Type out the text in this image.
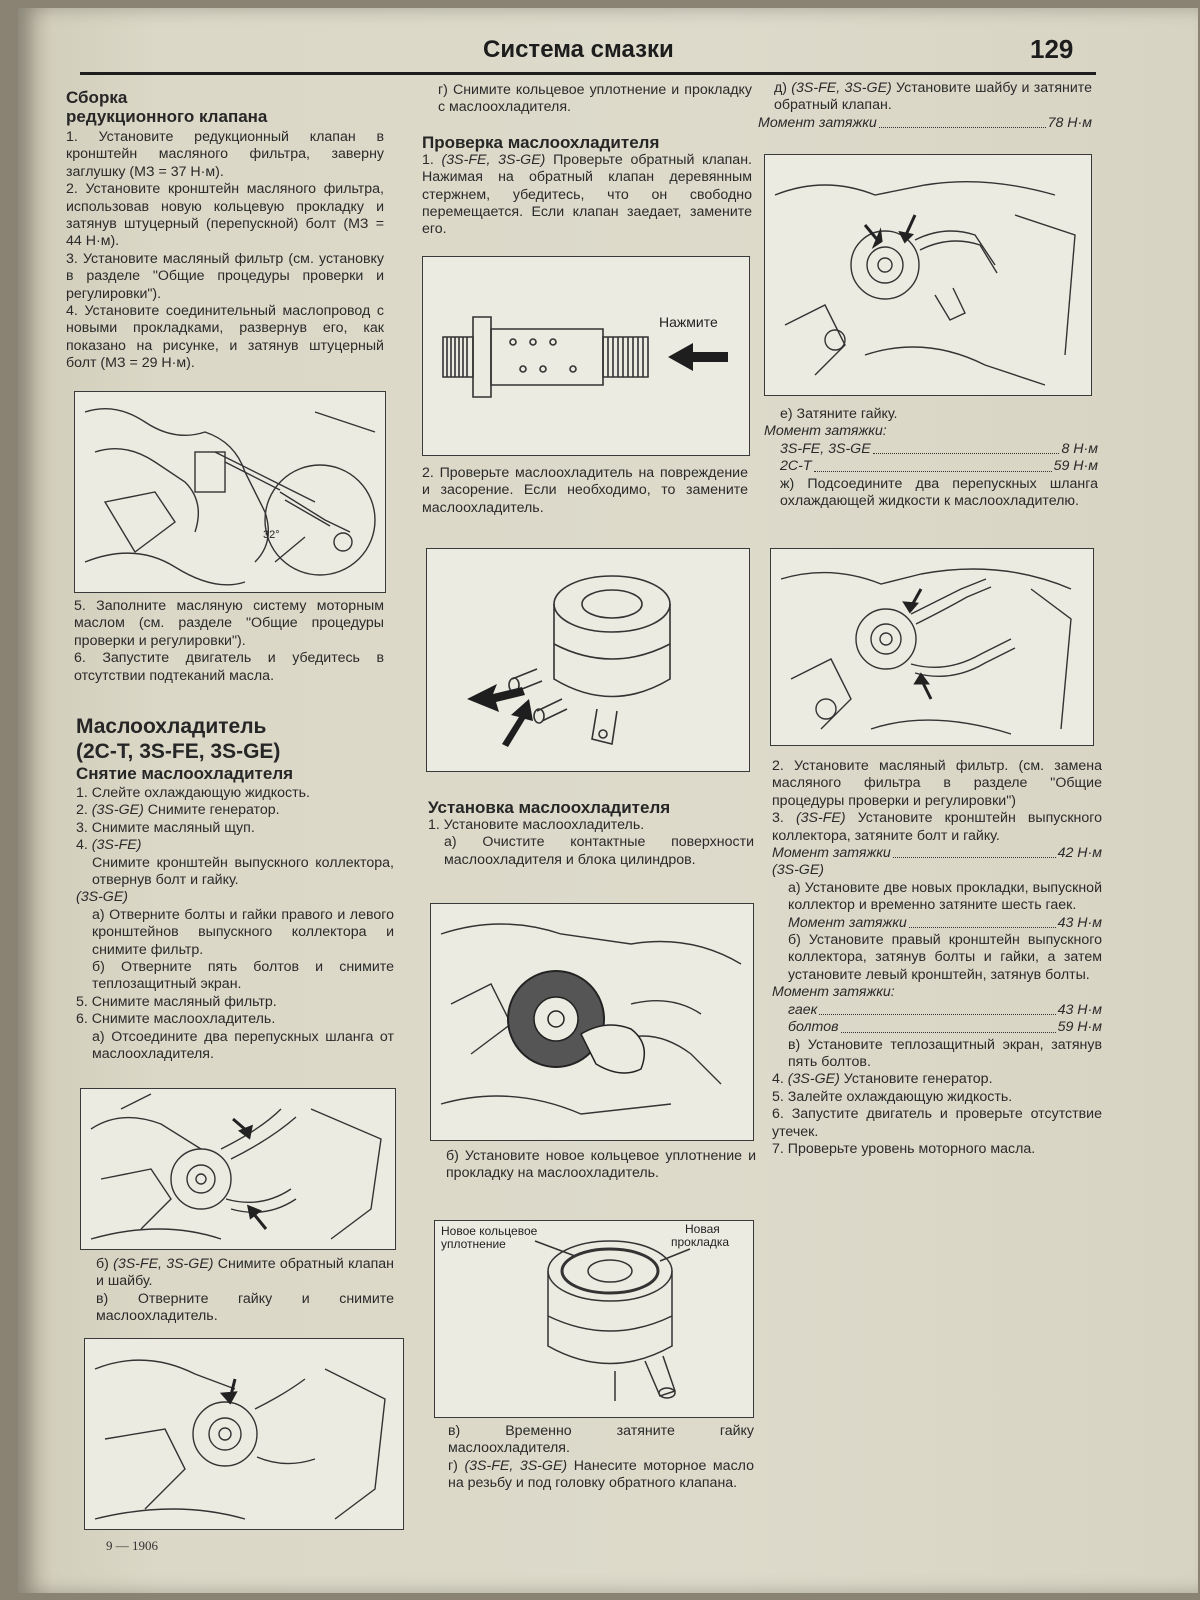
Система смазки	129

Сборка
редукционного клапана

1. Установите редукционный клапан в кронштейн масляного фильтра, заверну заглушку (МЗ = 37 Н·м).

2. Установите кронштейн масляного фильтра, использовав новую кольцевую прокладку и затянув штуцерный (перепускной) болт (МЗ = 44 Н·м).

3. Установите масляный фильтр (см. установку в разделе "Общие процедуры проверки и регулировки").

4. Установите соединительный маслопровод с новыми прокладками, развернув его, как показано на рисунке, и затянув штуцерный болт (МЗ = 29 Н·м).

32°

5. Заполните масляную систему моторным маслом (см. разделе "Общие процедуры проверки и регулировки").

6. Запустите двигатель и убедитесь в отсутствии подтеканий масла.

Маслоохладитель
(2С-Т, 3S-FE, 3S-GE)

Снятие маслоохладителя

1. Слейте охлаждающую жидкость.

2. (3S-GE) Снимите генератор.

3. Снимите масляный щуп.

4. (3S-FE)

Снимите кронштейн выпускного коллектора, отвернув болт и гайку.

(3S-GE)

а) Отверните болты и гайки правого и левого кронштейнов выпускного коллектора и снимите фильтр.

б) Отверните пять болтов и снимите теплозащитный экран.

5. Снимите масляный фильтр.

6. Снимите маслоохладитель.

а) Отсоедините два перепускных шланга от маслоохладителя.

б) (3S-FE, 3S-GE) Снимите обратный клапан и шайбу.

в) Отверните гайку и снимите маслоохладитель.

г) Снимите кольцевое уплотнение и прокладку с маслоохладителя.

Проверка маслоохладителя

1. (3S-FE, 3S-GE) Проверьте обратный клапан. Нажимая на обратный клапан деревянным стержнем, убедитесь, что он свободно перемещается. Если клапан заедает, замените его.

Нажмите

2. Проверьте маслоохладитель на повреждение и засорение. Если необходимо, то замените маслоохладитель.

Установка маслоохладителя

1. Установите маслоохладитель.

а) Очистите контактные поверхности маслоохладителя и блока цилиндров.

б) Установите новое кольцевое уплотнение и прокладку на маслоохладитель.

Новое кольцевое уплотнение
Новая прокладка

в) Временно затяните гайку маслоохладителя.

г) (3S-FE, 3S-GE) Нанесите моторное масло на резьбу и под головку обратного клапана.

д) (3S-FE, 3S-GE) Установите шайбу и затяните обратный клапан.

Момент затяжки	78 Н·м

е) Затяните гайку.

Момент затяжки:

3S-FE, 3S-GE	8 Н·м
2С-Т	59 Н·м

ж) Подсоедините два перепускных шланга охлаждающей жидкости к маслоохладителю.

2. Установите масляный фильтр. (см. замена масляного фильтра в разделе "Общие процедуры проверки и регулировки")

3. (3S-FE) Установите кронштейн выпускного коллектора, затяните болт и гайку.

Момент затяжки	42 Н·м

(3S-GE)

а) Установите две новых прокладки, выпускной коллектор и временно затяните шесть гаек.

Момент затяжки	43 Н·м

б) Установите правый кронштейн выпускного коллектора, затянув болты и гайки, а затем установите левый кронштейн, затянув болты.

Момент затяжки:

гаек	43 Н·м
болтов	59 Н·м

в) Установите теплозащитный экран, затянув пять болтов.

4. (3S-GE) Установите генератор.

5. Залейте охлаждающую жидкость.

6. Запустите двигатель и проверьте отсутствие утечек.

7. Проверьте уровень моторного масла.

9 — 1906
